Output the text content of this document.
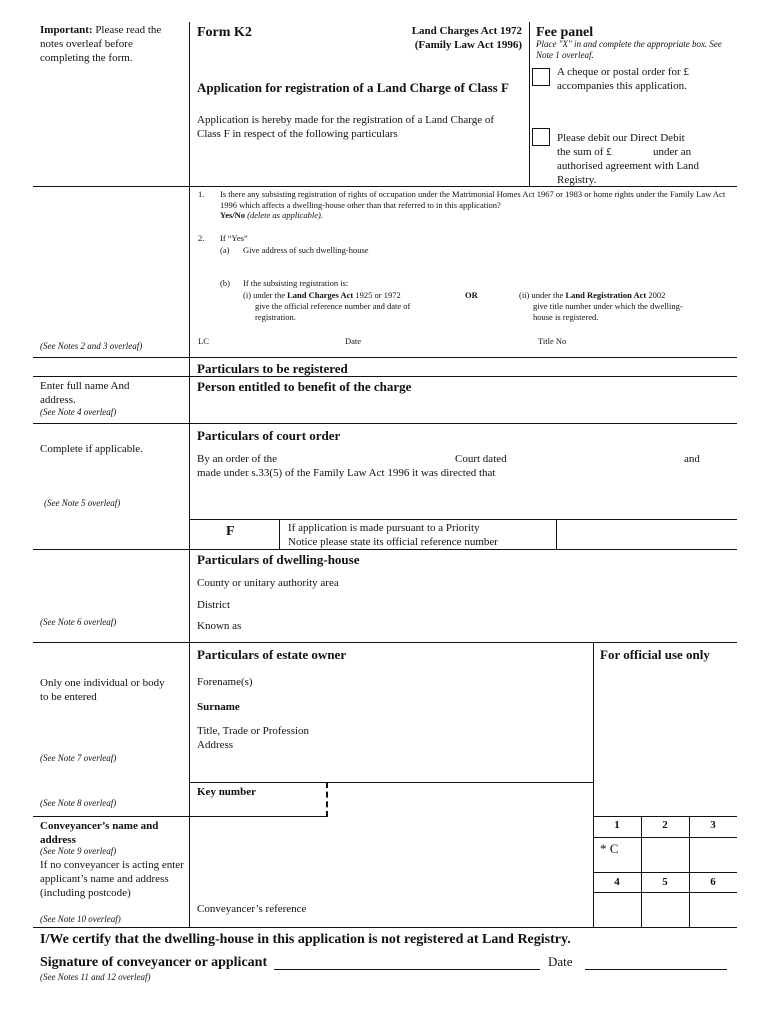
Important: Please read the notes overleaf before completing the form.
(See Notes 2 and 3 overleaf)
Enter full name And address.
(See Note 4 overleaf)
Complete if applicable.
(See Note 5 overleaf)
(See Note 6 overleaf)
Only one individual or body to be entered
(See Note 7 overleaf)
(See Note 8 overleaf)
Conveyancer’s name and address
(See Note 9 overleaf)
If no conveyancer is acting enter applicant’s name and address (including postcode)
(See Note 10 overleaf)
Form K2	Land Charges Act 1972
(Family Law Act 1996)
Application for registration of a Land Charge of Class F
Application is hereby made for the registration of a Land Charge of Class F in respect of the following particulars
Fee panel
Place "X" in and complete the appropriate box. See Note 1 overleaf.
A cheque or postal order for £ accompanies this application.
Please debit our Direct Debit
the sum of £	under an
authorised agreement with Land Registry.
1. Is there any subsisting registration of rights of occupation under the Matrimonial Homes Act 1967 or 1983 or home rights under the Family Law Act 1996 which affects a dwelling-house other than that referred to in this application?
Yes/No (delete as applicable).
2. If “Yes”
(a) Give address of such dwelling-house
(b) If the subsisting registration is:
(i) under the Land Charges Act 1925 or 1972
give the official reference number and date of
registration.
OR	(ii) under the Land Registration Act 2002
give title number under which the dwelling-
house is registered.
LC	Date	Title No
Particulars to be registered
Person entitled to benefit of the charge
Particulars of court order
By an order of the	Court dated	and
made under s.33(5) of the Family Law Act 1996 it was directed that
F	If application is made pursuant to a Priority
Notice please state its official reference number
Particulars of dwelling-house
County or unitary authority area
District
Known as
Particulars of estate owner
Forename(s)
Surname
Title, Trade or Profession
Address
For official use only
1	2	3
* C
4	5	6
Key number
Conveyancer’s reference
I/We certify that the dwelling-house in this application is not registered at Land Registry.
Signature of conveyancer or applicant	Date
(See Notes 11 and 12 overleaf)
